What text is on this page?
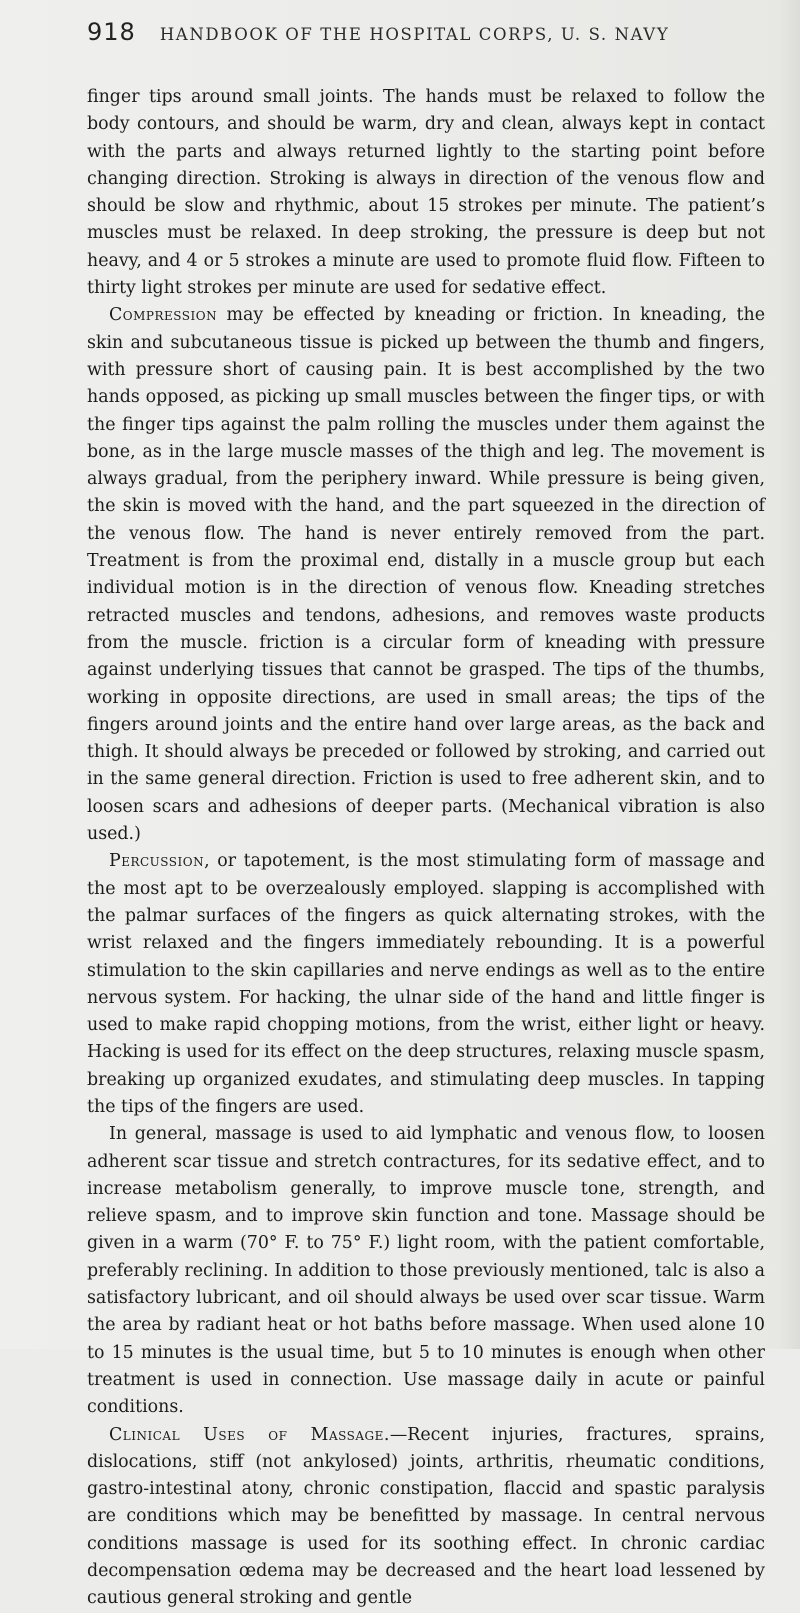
918 HANDBOOK OF THE HOSPITAL CORPS, U. S. NAVY

finger tips around small joints. The hands must be relaxed to follow the body contours, and should be warm, dry and clean, always kept in contact with the parts and always returned lightly to the starting point before changing direction. Stroking is always in direction of the venous flow and should be slow and rhythmic, about 15 strokes per minute. The patient’s muscles must be relaxed. In deep stroking, the pressure is deep but not heavy, and 4 or 5 strokes a minute are used to promote fluid flow. Fifteen to thirty light strokes per minute are used for sedative effect.

Compression may be effected by kneading or friction. In kneading, the skin and subcutaneous tissue is picked up between the thumb and fingers, with pressure short of causing pain. It is best accomplished by the two hands opposed, as picking up small muscles between the finger tips, or with the finger tips against the palm rolling the muscles under them against the bone, as in the large muscle masses of the thigh and leg. The movement is always gradual, from the periphery inward. While pressure is being given, the skin is moved with the hand, and the part squeezed in the direction of the venous flow. The hand is never entirely removed from the part. Treatment is from the proximal end, distally in a muscle group but each individual motion is in the direction of venous flow. Kneading stretches retracted muscles and tendons, adhesions, and removes waste products from the muscle. friction is a circular form of kneading with pressure against underlying tissues that cannot be grasped. The tips of the thumbs, working in opposite directions, are used in small areas; the tips of the fingers around joints and the entire hand over large areas, as the back and thigh. It should always be preceded or followed by stroking, and carried out in the same general direction. Friction is used to free adherent skin, and to loosen scars and adhesions of deeper parts. (Mechanical vibration is also used.)

Percussion, or tapotement, is the most stimulating form of massage and the most apt to be overzealously employed. slapping is accomplished with the palmar surfaces of the fingers as quick alternating strokes, with the wrist relaxed and the fingers immediately rebounding. It is a powerful stimulation to the skin capillaries and nerve endings as well as to the entire nervous system. For hacking, the ulnar side of the hand and little finger is used to make rapid chopping motions, from the wrist, either light or heavy. Hacking is used for its effect on the deep structures, relaxing muscle spasm, breaking up organized exudates, and stimulating deep muscles. In tapping the tips of the fingers are used.

In general, massage is used to aid lymphatic and venous flow, to loosen adherent scar tissue and stretch contractures, for its sedative effect, and to increase metabolism generally, to improve muscle tone, strength, and relieve spasm, and to improve skin function and tone. Massage should be given in a warm (70° F. to 75° F.) light room, with the patient comfortable, preferably reclining. In addition to those previously mentioned, talc is also a satisfactory lubricant, and oil should always be used over scar tissue. Warm the area by radiant heat or hot baths before massage. When used alone 10 to 15 minutes is the usual time, but 5 to 10 minutes is enough when other treatment is used in connection. Use massage daily in acute or painful conditions.

Clinical Uses of Massage.—Recent injuries, fractures, sprains, dislocations, stiff (not ankylosed) joints, arthritis, rheumatic conditions, gastro-intestinal atony, chronic constipation, flaccid and spastic paralysis are conditions which may be benefitted by massage. In central nervous conditions massage is used for its soothing effect. In chronic cardiac decompensation œdema may be decreased and the heart load lessened by cautious general stroking and gentle
